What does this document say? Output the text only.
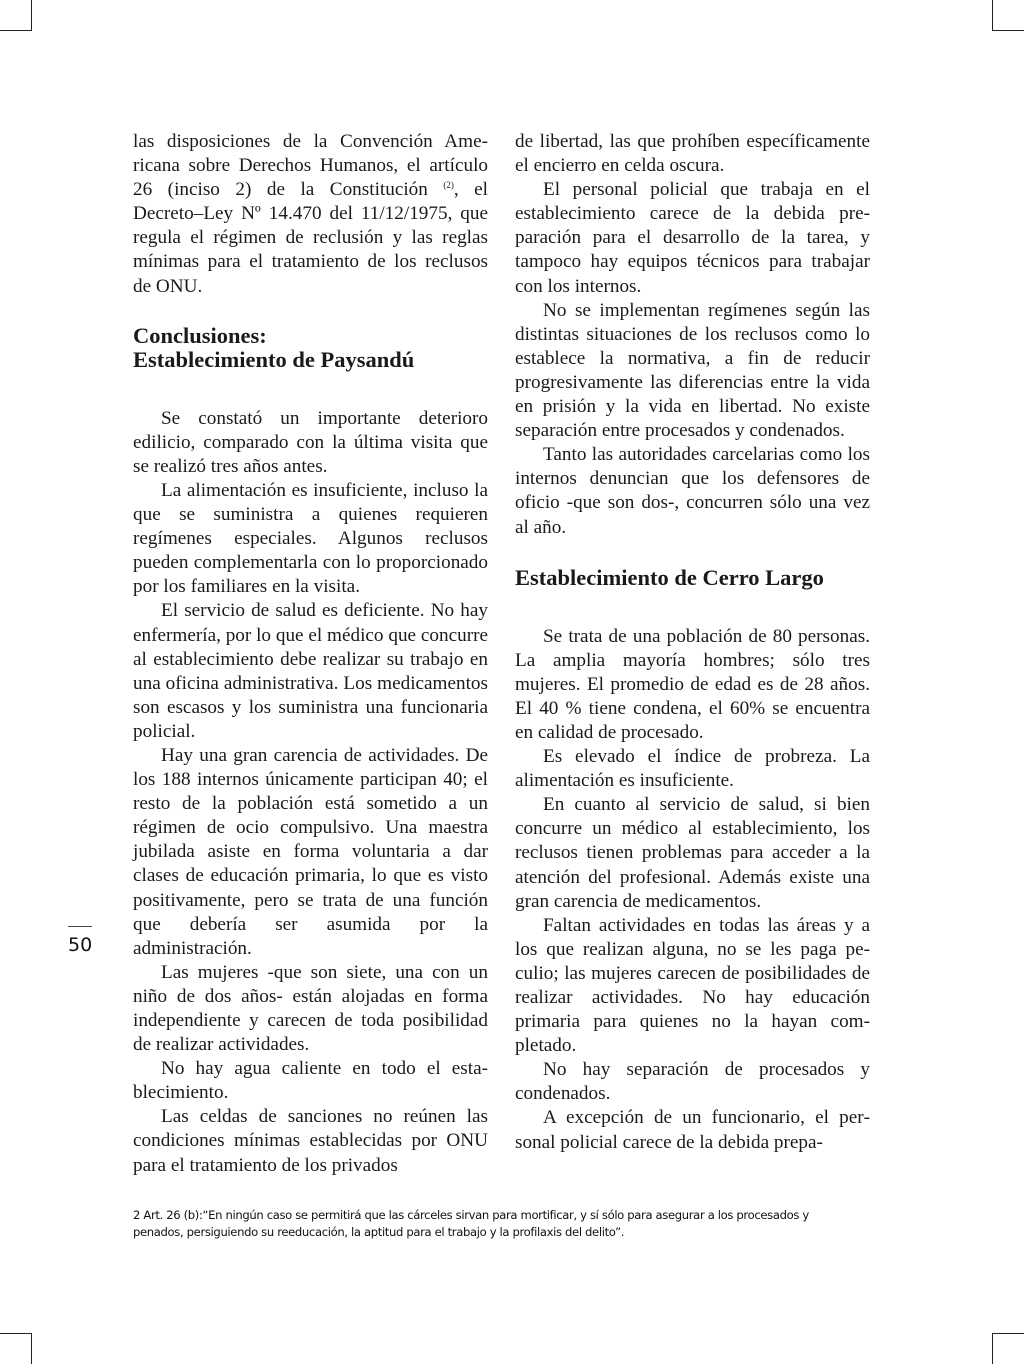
las disposiciones de la Convención Americana sobre Derechos Humanos, el artículo 26 (inciso 2) de la Constitución $^{(2)}$, el Decreto–Ley Nº 14.470 del 11/12/1975, que regula el régimen de reclusión y las reglas mínimas para el tratamiento de los reclusos de ONU.

Conclusiones:
Establecimiento de Paysandú

Se constató un importante deterioro edilicio, comparado con la última visita que se realizó tres años antes.

La alimentación es insuficiente, incluso la que se suministra a quienes requieren regímenes especiales. Algunos reclusos pueden complementarla con lo proporcionado por los familiares en la visita.

El servicio de salud es deficiente. No hay enfermería, por lo que el médico que concurre al establecimiento debe realizar su trabajo en una oficina administrativa. Los medicamentos son escasos y los suministra una funcionaria policial.

Hay una gran carencia de actividades. De los 188 internos únicamente participan 40; el resto de la población está sometido a un régimen de ocio compulsivo. Una maestra jubilada asiste en forma voluntaria a dar clases de educación primaria, lo que es visto positivamente, pero se trata de una función que debería ser asumida por la administración.

Las mujeres -que son siete, una con un niño de dos años- están alojadas en forma independiente y carecen de toda posibilidad de realizar actividades.

No hay agua caliente en todo el establecimiento.

Las celdas de sanciones no reúnen las condiciones mínimas establecidas por ONU para el tratamiento de los privados

de libertad, las que prohíben específicamente el encierro en celda oscura.

El personal policial que trabaja en el establecimiento carece de la debida preparación para el desarrollo de la tarea, y tampoco hay equipos técnicos para trabajar con los internos.

No se implementan regímenes según las distintas situaciones de los reclusos como lo establece la normativa, a fin de reducir progresivamente las diferencias entre la vida en prisión y la vida en libertad. No existe separación entre procesados y condenados.

Tanto las autoridades carcelarias como los internos denuncian que los defensores de oficio -que son dos-, concurren sólo una vez al año.

Establecimiento de Cerro Largo

Se trata de una población de 80 personas. La amplia mayoría hombres; sólo tres mujeres. El promedio de edad es de 28 años. El 40 % tiene condena, el 60% se encuentra en calidad de procesado.

Es elevado el índice de probreza. La alimentación es insuficiente.

En cuanto al servicio de salud, si bien concurre un médico al establecimiento, los reclusos tienen problemas para acceder a la atención del profesional. Además existe una gran carencia de medicamentos.

Faltan actividades en todas las áreas y a los que realizan alguna, no se les paga peculio; las mujeres carecen de posibilidades de realizar actividades. No hay educación primaria para quienes no la hayan completado.

No hay separación de procesados y condenados.

A excepción de un funcionario, el personal policial carece de la debida prepa-

50
2 Art. 26 (b):“En ningún caso se permitirá que las cárceles sirvan para mortificar, y sí sólo para asegurar a los procesados y
penados, persiguiendo su reeducación, la aptitud para el trabajo y la profilaxis del delito”.
